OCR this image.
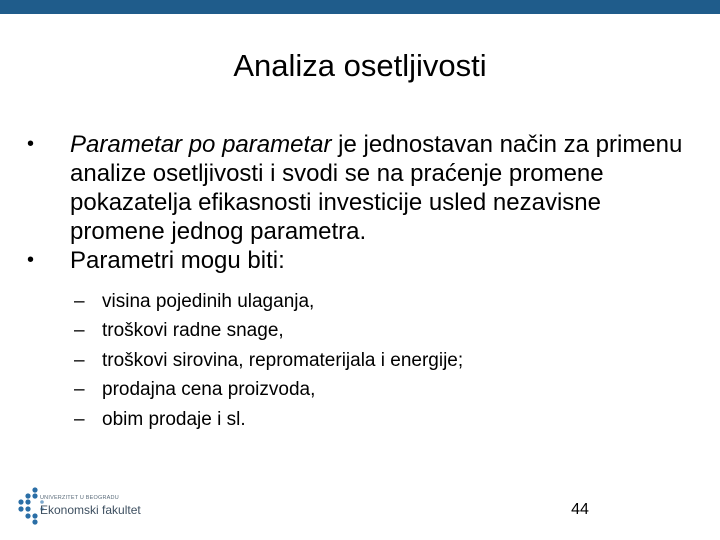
Analiza osetljivosti

• Parametar po parametar je jednostavan način za primenu analize osetljivosti i svodi se na praćenje promene pokazatelja efikasnosti investicije usled nezavisne promene jednog parametra.

• Parametri mogu biti:

– visina pojedinih ulaganja,
– troškovi radne snage,
– troškovi sirovina, repromaterijala i energije;
– prodajna cena proizvoda,
– obim prodaje i sl.
UNIVERZITET U BEOGRADU
Ekonomski fakultet	44
